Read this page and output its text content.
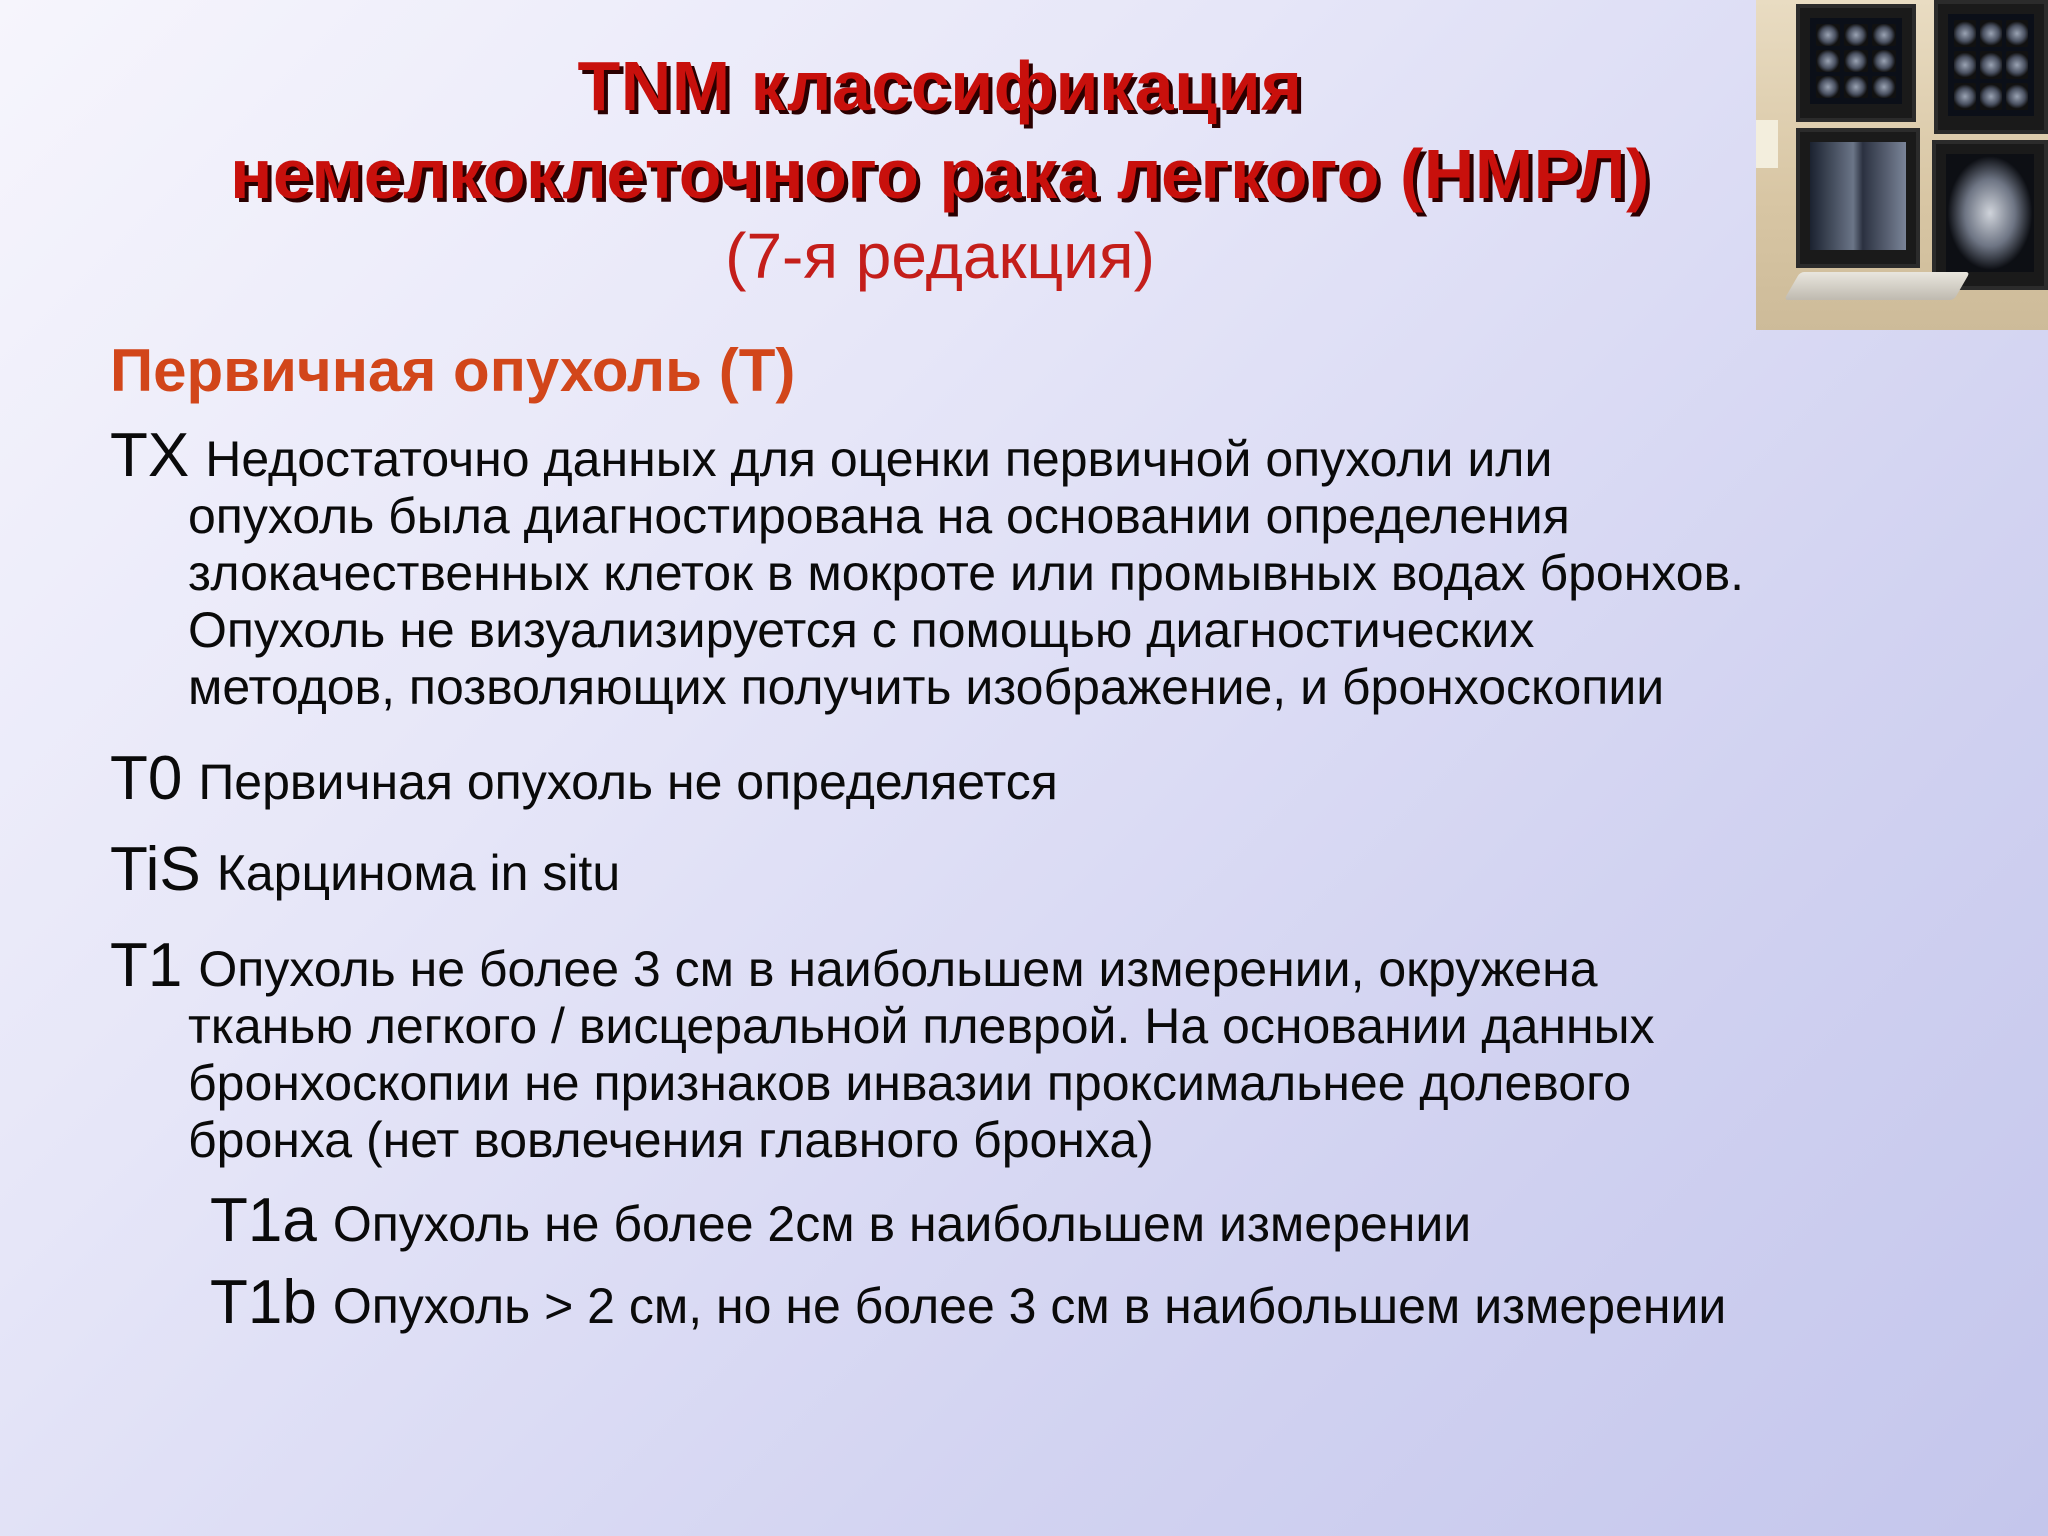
TNM классификация
немелкоклеточного рака легкого (НМРЛ)
(7-я редакция)
Первичная опухоль (Т)
TX Недостаточно данных для оценки первичной опухоли или
опухоль была диагностирована на основании определения
злокачественных клеток в мокроте или промывных водах бронхов.
Опухоль не визуализируется с помощью диагностических
методов, позволяющих получить изображение, и бронхоскопии
T0 Первичная опухоль не определяется
TiS Карцинома in situ
T1 Опухоль не более 3 см в наибольшем измерении, окружена
тканью легкого / висцеральной плеврой. На основании данных
бронхоскопии не признаков инвазии проксимальнее долевого
бронха (нет вовлечения главного бронха)
T1a Опухоль не более 2см в наибольшем измерении
T1b Опухоль > 2 см, но не более 3 см в наибольшем измерении
